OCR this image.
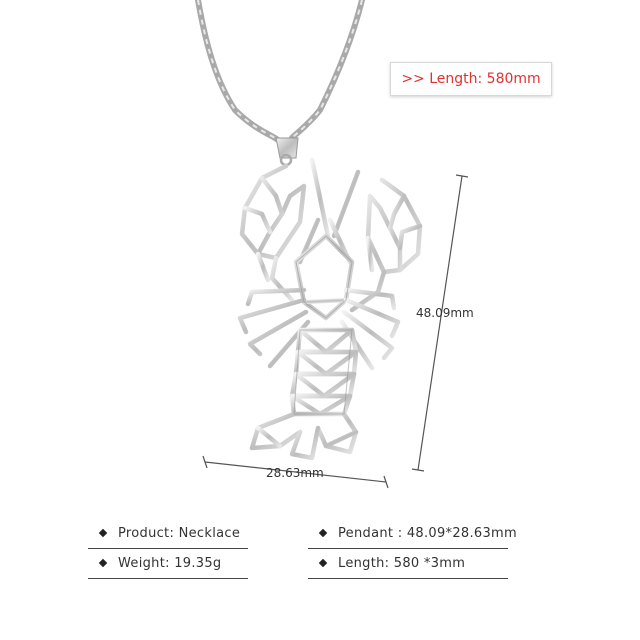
>> Length: 580mm
28.63mm
48.09mm
Product: Necklace	Pendant : 48.09*28.63mm
Weight: 19.35g	Length: 580 *3mm
